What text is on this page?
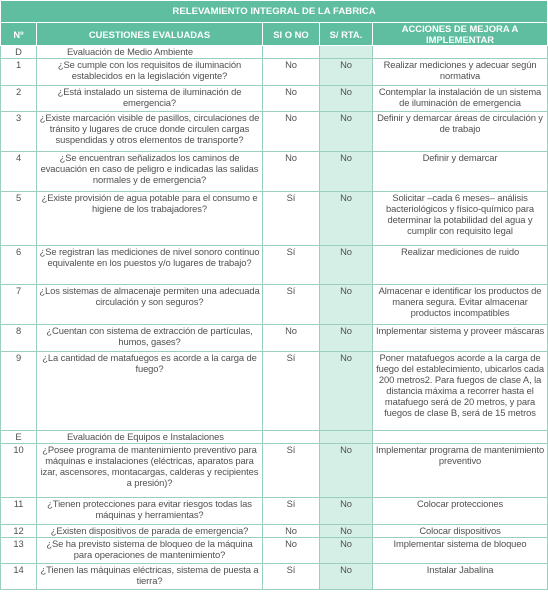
RELEVAMIENTO INTEGRAL DE LA FABRICA				
Nº	CUESTIONES EVALUADAS	SI O NO	S/ RTA.	ACCIONES DE MEJORA A IMPLEMENTAR
D	Evaluación de Medio Ambiente			
1	¿Se cumple con los requisitos de iluminación establecidos en la legislación vigente?	No	No	Realizar mediciones y adecuar según normativa
2	¿Está instalado un sistema de iluminación de emergencia?	No	No	Contemplar la instalación de un sistema de iluminación de emergencia
3	¿Existe marcación visible de pasillos, circulaciones de tránsito y lugares de cruce donde circulen cargas suspendidas y otros elementos de transporte?	No	No	Definir y demarcar áreas de circulación y de trabajo
4	¿Se encuentran señalizados los caminos de evacuación en caso de peligro e indicadas las salidas normales y de emergencia?	No	No	Definir y demarcar
5	¿Existe provisión de agua potable para el consumo e higiene de los trabajadores?	Sí	No	Solicitar –cada 6 meses– análisis bacteriológicos y físico-químico para determinar la potabilidad del agua y cumplir con requisito legal
6	¿Se registran las mediciones de nivel sonoro continuo equivalente en los puestos y/o lugares de trabajo?	Sí	No	Realizar mediciones de ruido
7	¿Los sistemas de almacenaje permiten una adecuada circulación y son seguros?	Sí	No	Almacenar e identificar los productos de manera segura. Evitar almacenar productos incompatibles
8	¿Cuentan con sistema de extracción de partículas, humos, gases?	No	No	Implementar sistema y proveer máscaras
9	¿La cantidad de matafuegos es acorde a la carga de fuego?	Sí	No	Poner matafuegos acorde a la carga de fuego del establecimiento, ubicarlos cada 200 metros2. Para fuegos de clase A, la distancia máxima a recorrer hasta el matafuego será de 20 metros, y para fuegos de clase B, será de 15 metros
E	Evaluación de Equipos e Instalaciones			
10	¿Posee programa de mantenimiento preventivo para máquinas e instalaciones (eléctricas, aparatos para izar, ascensores, montacargas, calderas y recipientes a presión)?	Sí	No	Implementar programa de mantenimiento preventivo
11	¿Tienen protecciones para evitar riesgos todas las máquinas y herramientas?	Sí	No	Colocar protecciones
12	¿Existen dispositivos de parada de emergencia?	No	No	Colocar dispositivos
13	¿Se ha previsto sistema de bloqueo de la máquina para operaciones de mantenimiento?	No	No	Implementar sistema de bloqueo
14	¿Tienen las máquinas eléctricas, sistema de puesta a tierra?	Sí	No	Instalar Jabalina
